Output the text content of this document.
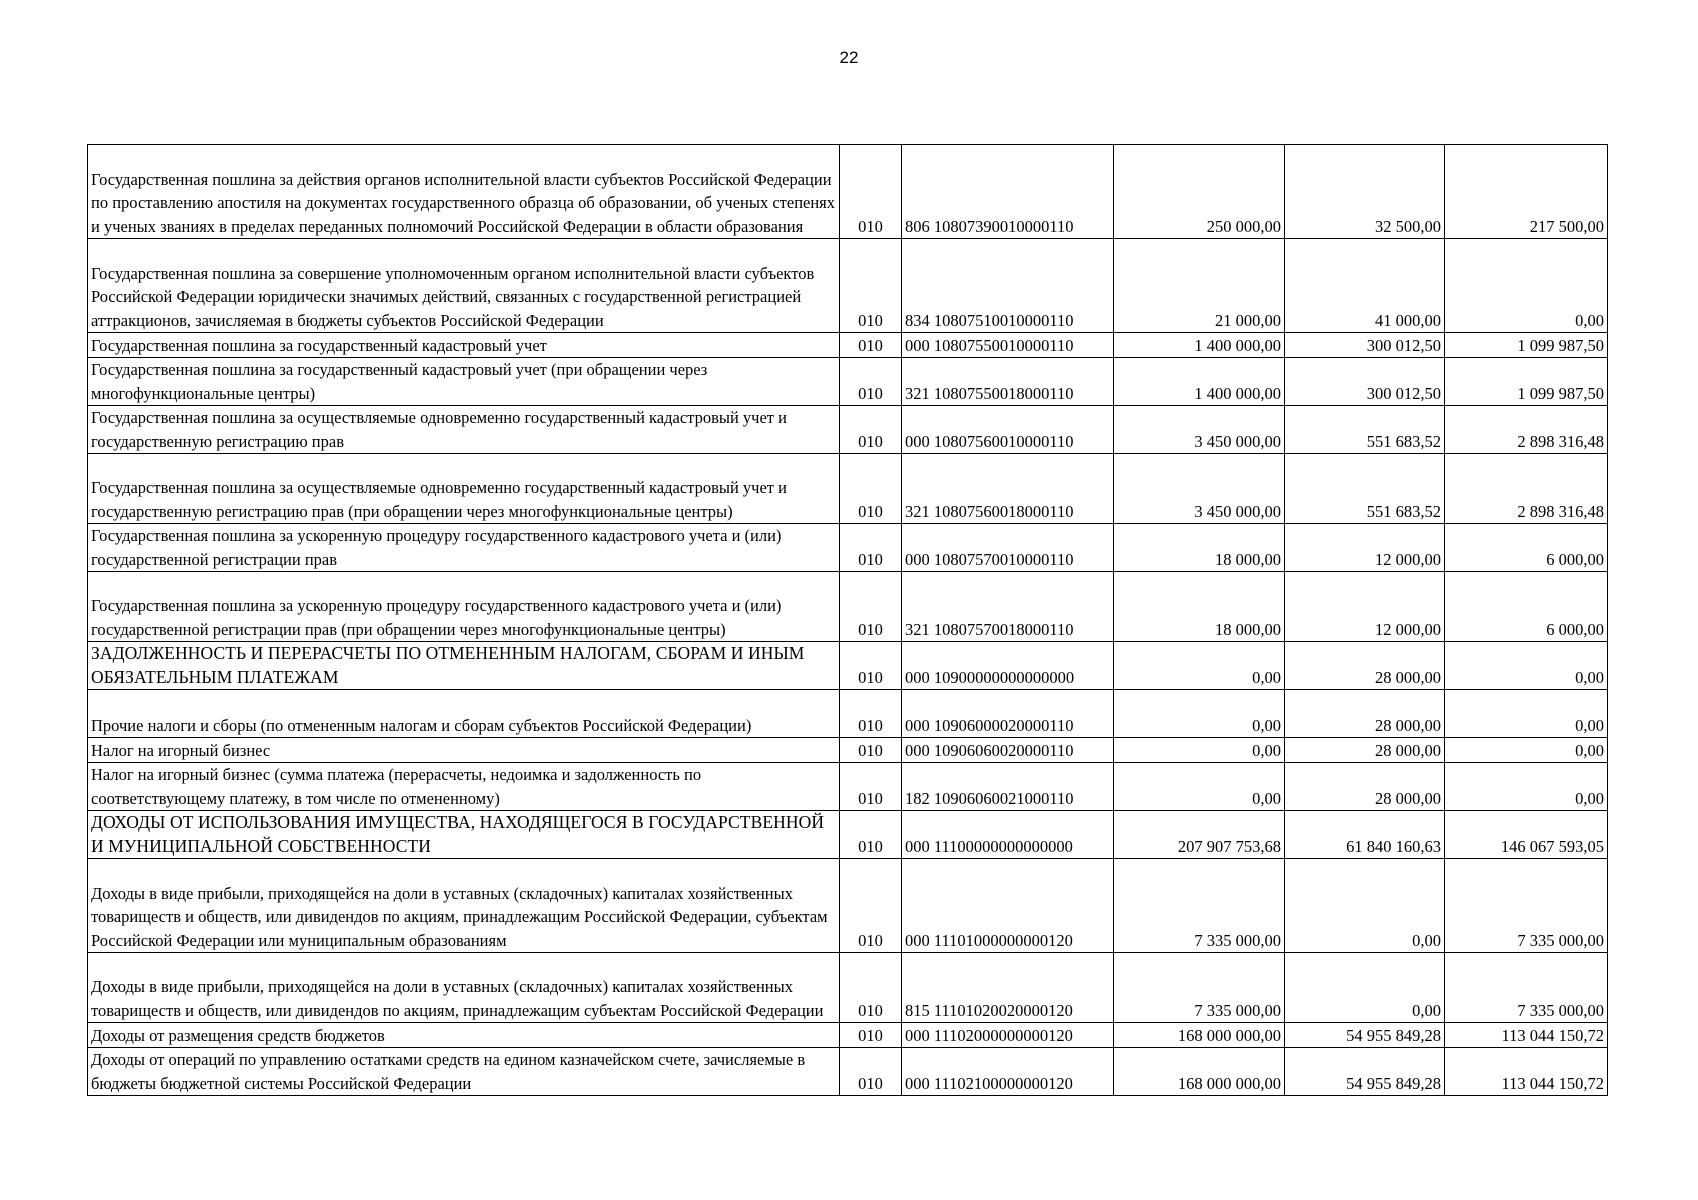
22
Государственная пошлина за действия органов исполнительной власти субъектов Российской Федерации по проставлению апостиля на документах государственного образца об образовании, об ученых степенях и ученых званиях в пределах переданных полномочий Российской Федерации в области образования	010	806 10807390010000110	250 000,00	32 500,00	217 500,00
Государственная пошлина за совершение уполномоченным органом исполнительной власти субъектов Российской Федерации юридически значимых действий, связанных с государственной регистрацией аттракционов, зачисляемая в бюджеты субъектов Российской Федерации	010	834 10807510010000110	21 000,00	41 000,00	0,00
Государственная пошлина за государственный кадастровый учет	010	000 10807550010000110	1 400 000,00	300 012,50	1 099 987,50
Государственная пошлина за государственный кадастровый учет (при обращении через многофункциональные центры)	010	321 10807550018000110	1 400 000,00	300 012,50	1 099 987,50
Государственная пошлина за осуществляемые одновременно государственный кадастровый учет и государственную регистрацию прав	010	000 10807560010000110	3 450 000,00	551 683,52	2 898 316,48
Государственная пошлина за осуществляемые одновременно государственный кадастровый учет и государственную регистрацию прав (при обращении через многофункциональные центры)	010	321 10807560018000110	3 450 000,00	551 683,52	2 898 316,48
Государственная пошлина за ускоренную процедуру государственного кадастрового учета и (или) государственной регистрации прав	010	000 10807570010000110	18 000,00	12 000,00	6 000,00
Государственная пошлина за ускоренную процедуру государственного кадастрового учета и (или) государственной регистрации прав (при обращении через многофункциональные центры)	010	321 10807570018000110	18 000,00	12 000,00	6 000,00
ЗАДОЛЖЕННОСТЬ И ПЕРЕРАСЧЕТЫ ПО ОТМЕНЕННЫМ НАЛОГАМ, СБОРАМ И ИНЫМ ОБЯЗАТЕЛЬНЫМ ПЛАТЕЖАМ	010	000 10900000000000000	0,00	28 000,00	0,00
Прочие налоги и сборы (по отмененным налогам и сборам субъектов Российской Федерации)	010	000 10906000020000110	0,00	28 000,00	0,00
Налог на игорный бизнес	010	000 10906060020000110	0,00	28 000,00	0,00
Налог на игорный бизнес (сумма платежа (перерасчеты, недоимка и задолженность по соответствующему платежу, в том числе по отмененному)	010	182 10906060021000110	0,00	28 000,00	0,00
ДОХОДЫ ОТ ИСПОЛЬЗОВАНИЯ ИМУЩЕСТВА, НАХОДЯЩЕГОСЯ В ГОСУДАРСТВЕННОЙ И МУНИЦИПАЛЬНОЙ СОБСТВЕННОСТИ	010	000 11100000000000000	207 907 753,68	61 840 160,63	146 067 593,05
Доходы в виде прибыли, приходящейся на доли в уставных (складочных) капиталах хозяйственных товариществ и обществ, или дивидендов по акциям, принадлежащим Российской Федерации, субъектам Российской Федерации или муниципальным образованиям	010	000 11101000000000120	7 335 000,00	0,00	7 335 000,00
Доходы в виде прибыли, приходящейся на доли в уставных (складочных) капиталах хозяйственных товариществ и обществ, или дивидендов по акциям, принадлежащим субъектам Российской Федерации	010	815 11101020020000120	7 335 000,00	0,00	7 335 000,00
Доходы от размещения средств бюджетов	010	000 11102000000000120	168 000 000,00	54 955 849,28	113 044 150,72
Доходы от операций по управлению остатками средств на едином казначейском счете, зачисляемые в бюджеты бюджетной системы Российской Федерации	010	000 11102100000000120	168 000 000,00	54 955 849,28	113 044 150,72
